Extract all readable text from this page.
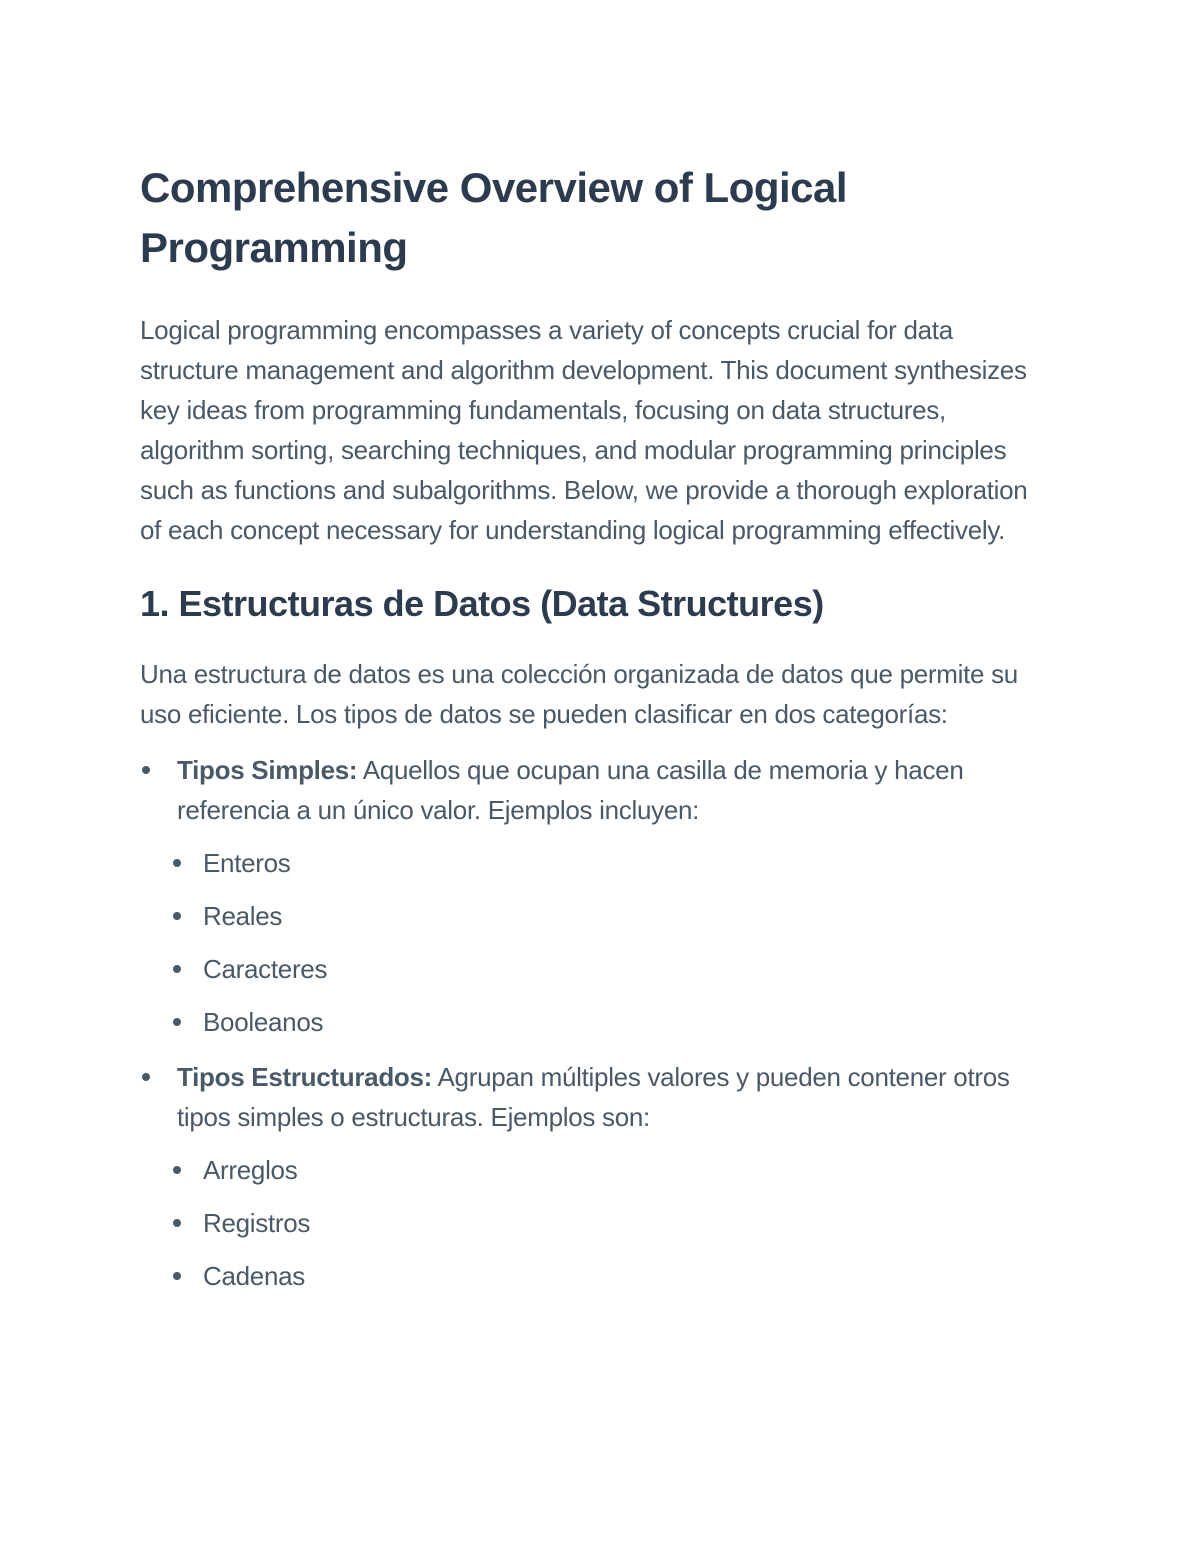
Comprehensive Overview of Logical Programming

Logical programming encompasses a variety of concepts crucial for data structure management and algorithm development. This document synthesizes key ideas from programming fundamentals, focusing on data structures, algorithm sorting, searching techniques, and modular programming principles such as functions and subalgorithms. Below, we provide a thorough exploration of each concept necessary for understanding logical programming effectively.

1. Estructuras de Datos (Data Structures)

Una estructura de datos es una colección organizada de datos que permite su uso eficiente. Los tipos de datos se pueden clasificar en dos categorías:

Tipos Simples: Aquellos que ocupan una casilla de memoria y hacen referencia a un único valor. Ejemplos incluyen:
Enteros
Reales
Caracteres
Booleanos
Tipos Estructurados: Agrupan múltiples valores y pueden contener otros tipos simples o estructuras. Ejemplos son:
Arreglos
Registros
Cadenas
